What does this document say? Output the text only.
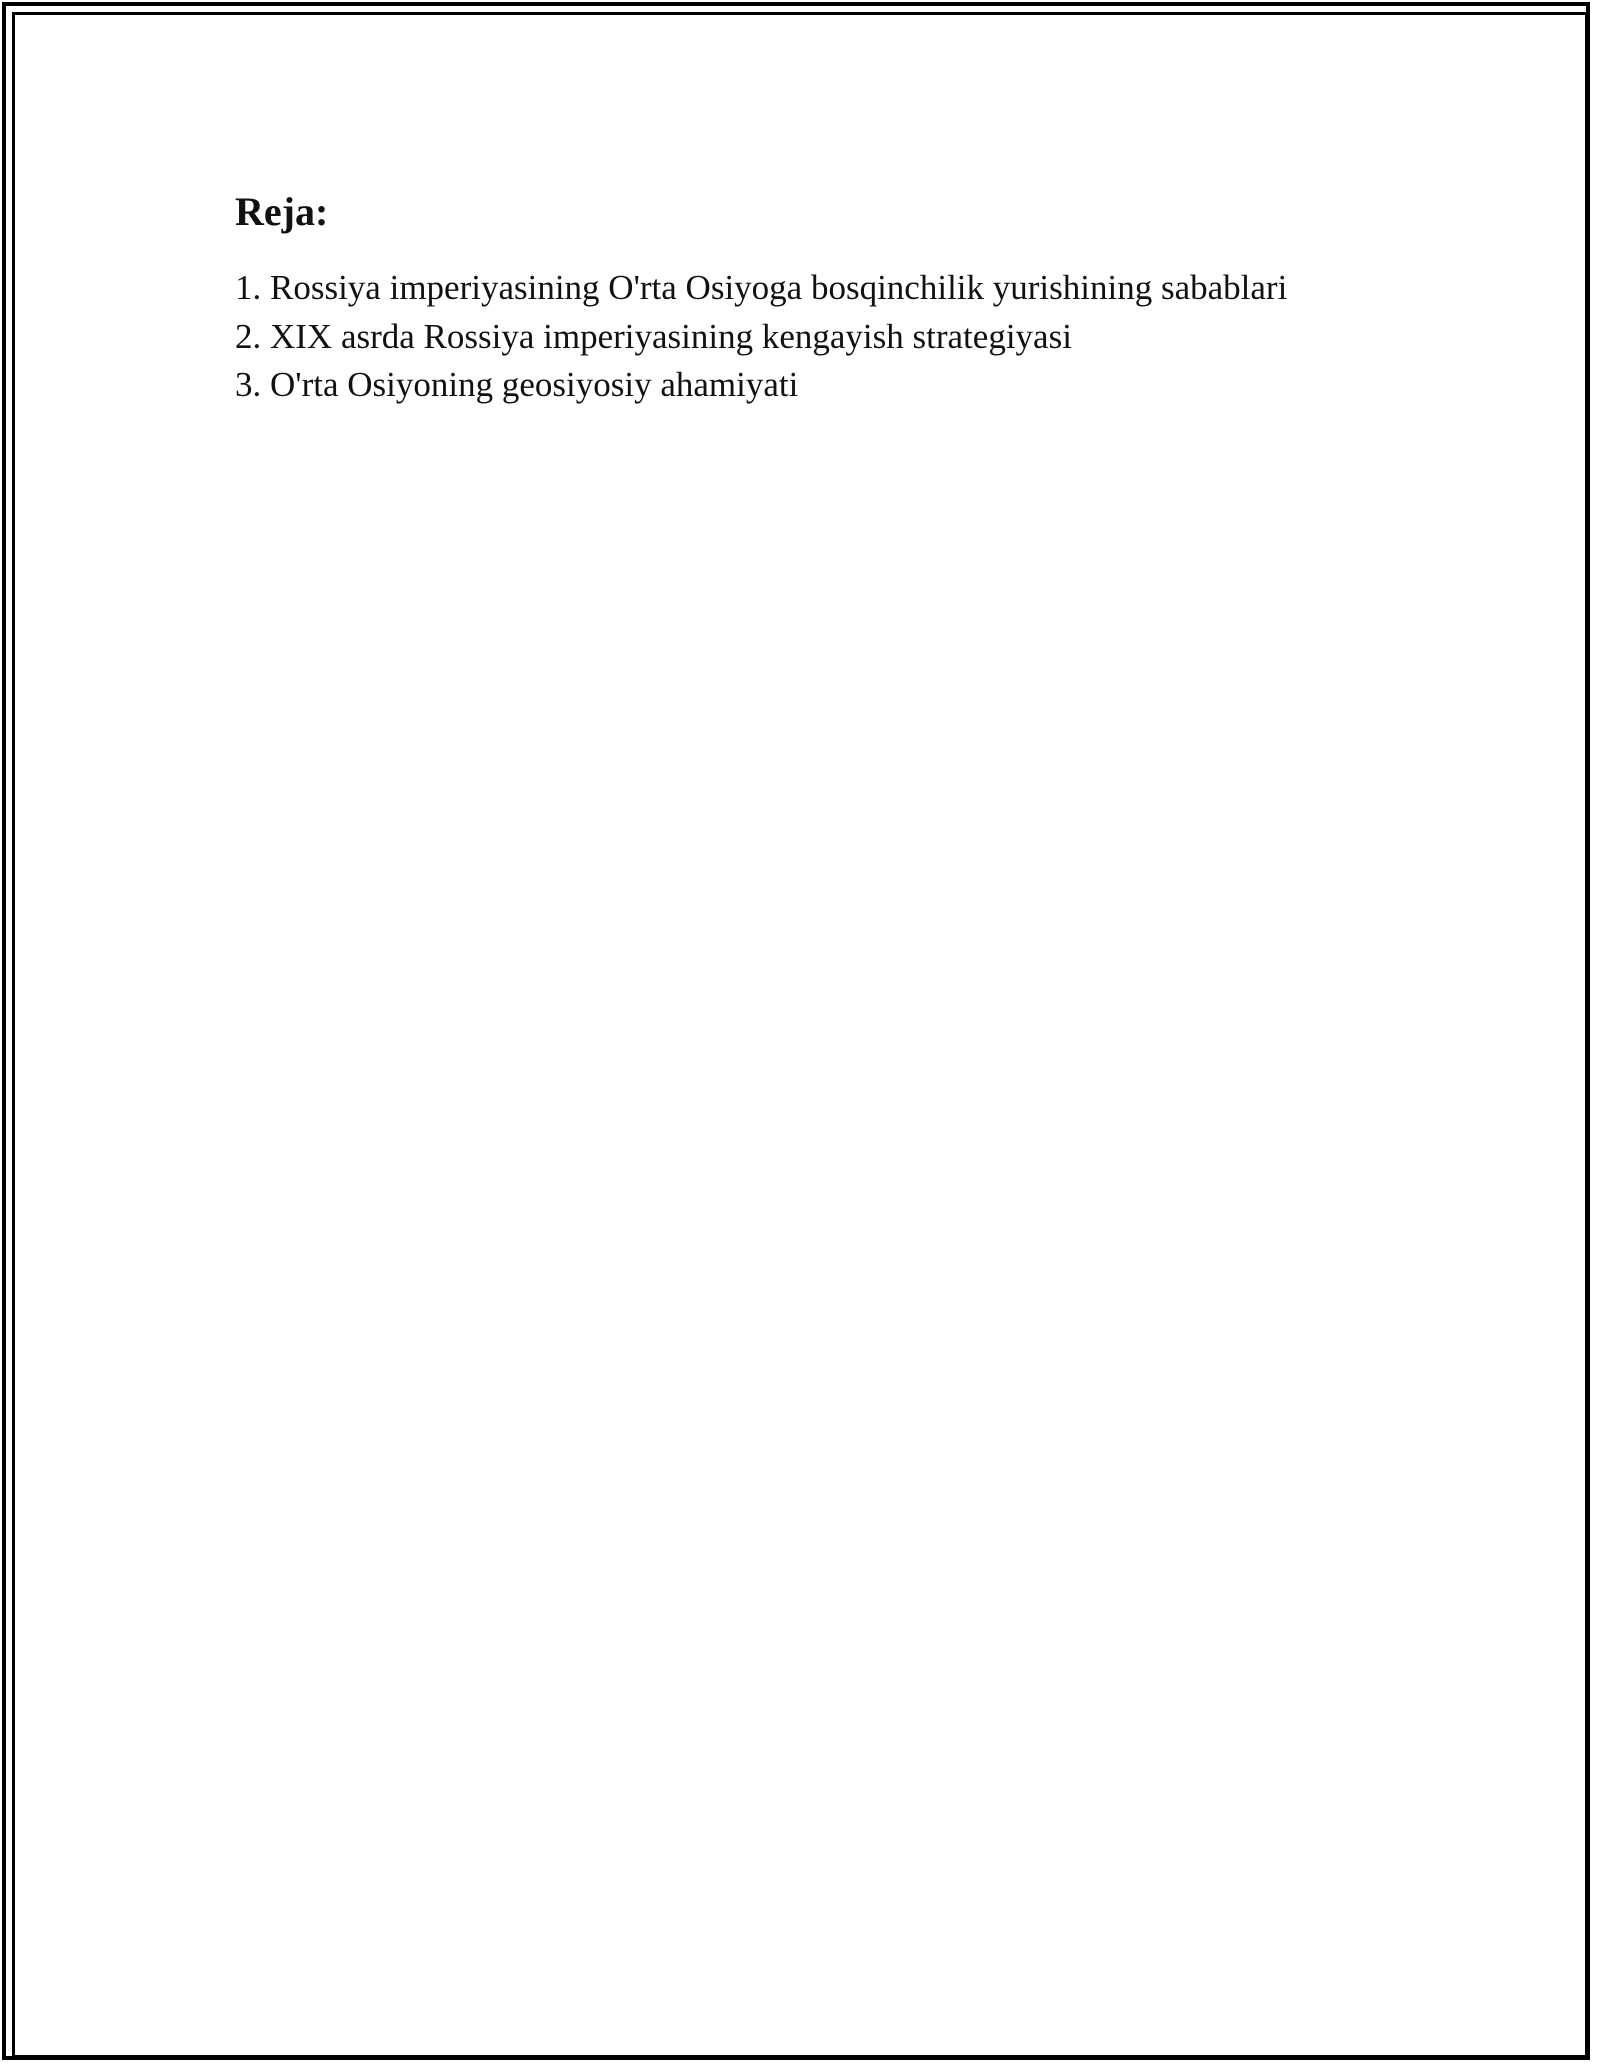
Reja:
1. Rossiya imperiyasining O'rta Osiyoga bosqinchilik yurishining sabablari
2. XIX asrda Rossiya imperiyasining kengayish strategiyasi
3. O'rta Osiyoning geosiyosiy ahamiyati
